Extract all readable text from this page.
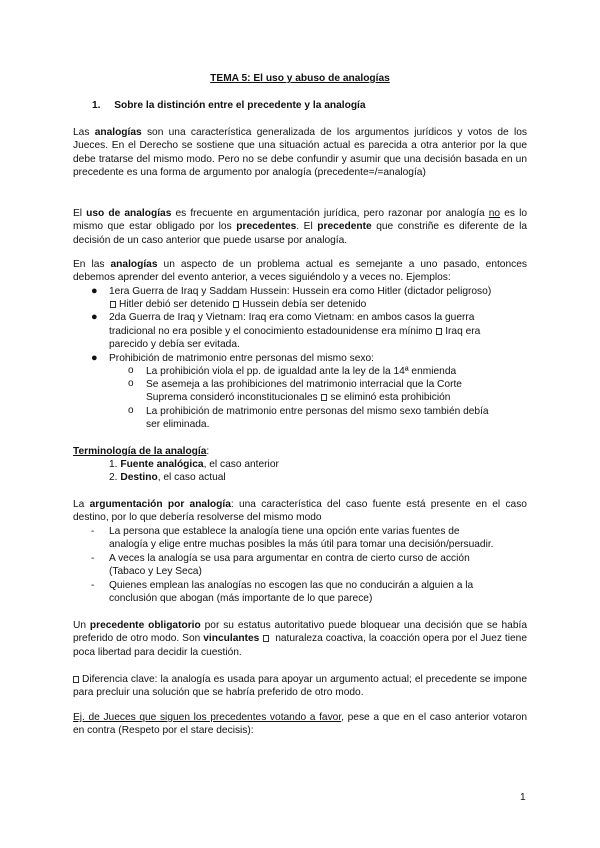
TEMA 5: El uso y abuso de analogías
1. Sobre la distinción entre el precedente y la analogía
Las analogías son una característica generalizada de los argumentos jurídicos y votos de los Jueces. En el Derecho se sostiene que una situación actual es parecida a otra anterior por la que debe tratarse del mismo modo. Pero no se debe confundir y asumir que una decisión basada en un precedente es una forma de argumento por analogía (precedente=/=analogía)
El uso de analogías es frecuente en argumentación jurídica, pero razonar por analogía no es lo mismo que estar obligado por los precedentes. El precedente que constriñe es diferente de la decisión de un caso anterior que puede usarse por analogía.
En las analogías un aspecto de un problema actual es semejante a uno pasado, entonces debemos aprender del evento anterior, a veces siguiéndolo y a veces no. Ejemplos:
● 1era Guerra de Iraq y Saddam Hussein: Hussein era como Hitler (dictador peligroso)
Hitler debió ser detenido Hussein debía ser detenido
● 2da Guerra de Iraq y Vietnam: Iraq era como Vietnam: en ambos casos la guerra
tradicional no era posible y el conocimiento estadounidense era mínimo Iraq era
parecido y debía ser evitada.
● Prohibición de matrimonio entre personas del mismo sexo:
o La prohibición viola el pp. de igualdad ante la ley de la 14ª enmienda
o Se asemeja a las prohibiciones del matrimonio interracial que la Corte
Suprema consideró inconstitucionales se eliminó esta prohibición
o La prohibición de matrimonio entre personas del mismo sexo también debía
ser eliminada.
Terminología de la analogía:
1. Fuente analógica, el caso anterior
2. Destino, el caso actual
La argumentación por analogía: una característica del caso fuente está presente en el caso destino, por lo que debería resolverse del mismo modo
- La persona que establece la analogía tiene una opción ente varias fuentes de
analogía y elige entre muchas posibles la más útil para tomar una decisión/persuadir.
- A veces la analogía se usa para argumentar en contra de cierto curso de acción
(Tabaco y Ley Seca)
- Quienes emplean las analogías no escogen las que no conducirán a alguien a la
conclusión que abogan (más importante de lo que parece)
Un precedente obligatorio por su estatus autoritativo puede bloquear una decisión que se había preferido de otro modo. Son vinculantes  naturaleza coactiva, la coacción opera por el Juez tiene poca libertad para decidir la cuestión.
Diferencia clave: la analogía es usada para apoyar un argumento actual; el precedente se impone para precluir una solución que se habría preferido de otro modo.
Ej. de Jueces que siguen los precedentes votando a favor, pese a que en el caso anterior votaron en contra (Respeto por el stare decisis):
1
